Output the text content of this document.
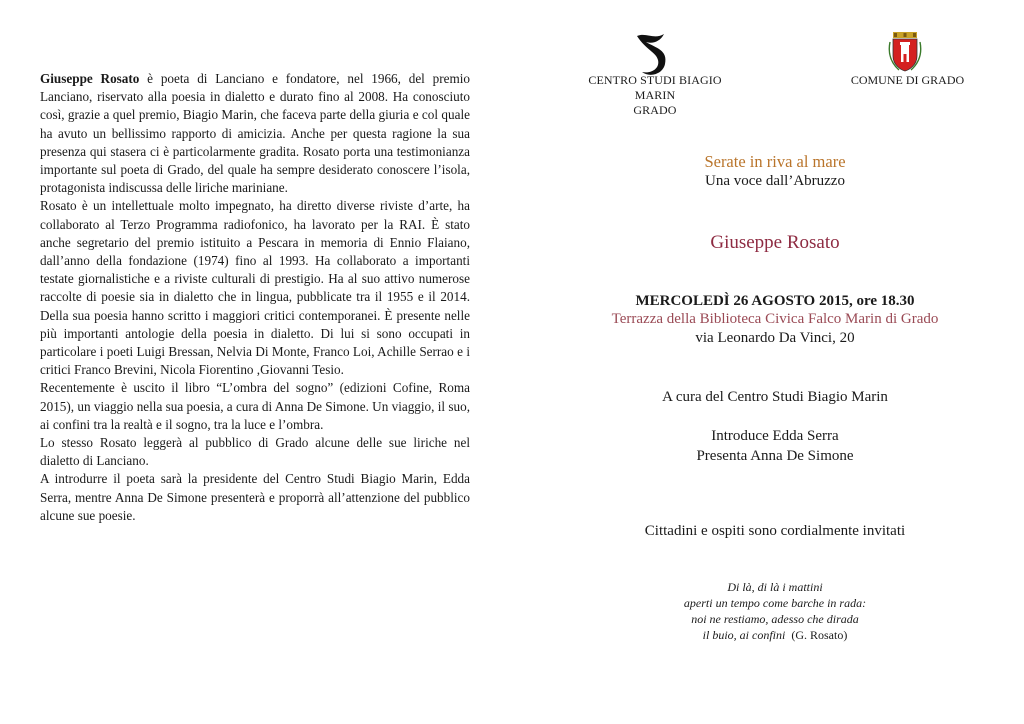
Giuseppe Rosato è poeta di Lanciano e fondatore, nel 1966, del premio Lanciano, riservato alla poesia in dialetto e durato fino al 2008. Ha conosciuto così, grazie a quel premio, Biagio Marin, che faceva parte della giuria e col quale ha avuto un bellissimo rapporto di amicizia. Anche per questa ragione la sua presenza qui stasera ci è particolarmente gradita. Rosato porta una testimonianza importante sul poeta di Grado, del quale ha sempre desiderato conoscere l’isola, protagonista indiscussa delle liriche mariniane.

Rosato è un intellettuale molto impegnato, ha diretto diverse riviste d’arte, ha collaborato al Terzo Programma radiofonico, ha lavorato per la RAI. È stato anche segretario del premio istituito a Pescara in memoria di Ennio Flaiano, dall’anno della fondazione (1974) fino al 1993. Ha collaborato a importanti testate giornalistiche e a riviste culturali di prestigio. Ha al suo attivo numerose raccolte di poesie sia in dialetto che in lingua, pubblicate tra il 1955 e il 2014. Della sua poesia hanno scritto i maggiori critici contemporanei. È presente nelle più importanti antologie della poesia in dialetto. Di lui si sono occupati in particolare i poeti Luigi Bressan, Nelvia Di Monte, Franco Loi, Achille Serrao e i critici Franco Brevini, Nicola Fiorentino ,Giovanni Tesio.

Recentemente è uscito il libro “L’ombra del sogno” (edizioni Cofine, Roma 2015), un viaggio nella sua poesia, a cura di Anna De Simone. Un viaggio, il suo, ai confini tra la realtà e il sogno, tra la luce e l’ombra.

Lo stesso Rosato leggerà al pubblico di Grado alcune delle sue liriche nel dialetto di Lanciano.

A introdurre il poeta sarà la presidente del Centro Studi Biagio Marin, Edda Serra, mentre Anna De Simone presenterà e proporrà all’attenzione del pubblico alcune sue poesie.

CENTRO STUDI BIAGIO MARIN
GRADO
COMUNE DI GRADO
Serate in riva al mare
Una voce dall’Abruzzo
Giuseppe Rosato
MERCOLEDÌ 26 AGOSTO 2015, ore 18.30
Terrazza della Biblioteca Civica Falco Marin di Grado
via Leonardo Da Vinci, 20
A cura del Centro Studi Biagio Marin
Introduce Edda Serra
Presenta Anna De Simone
Cittadini e ospiti sono cordialmente invitati
Di là, di là i mattini
aperti un tempo come barche in rada:
noi ne restiamo, adesso che dirada
il buio, ai confini (G. Rosato)
